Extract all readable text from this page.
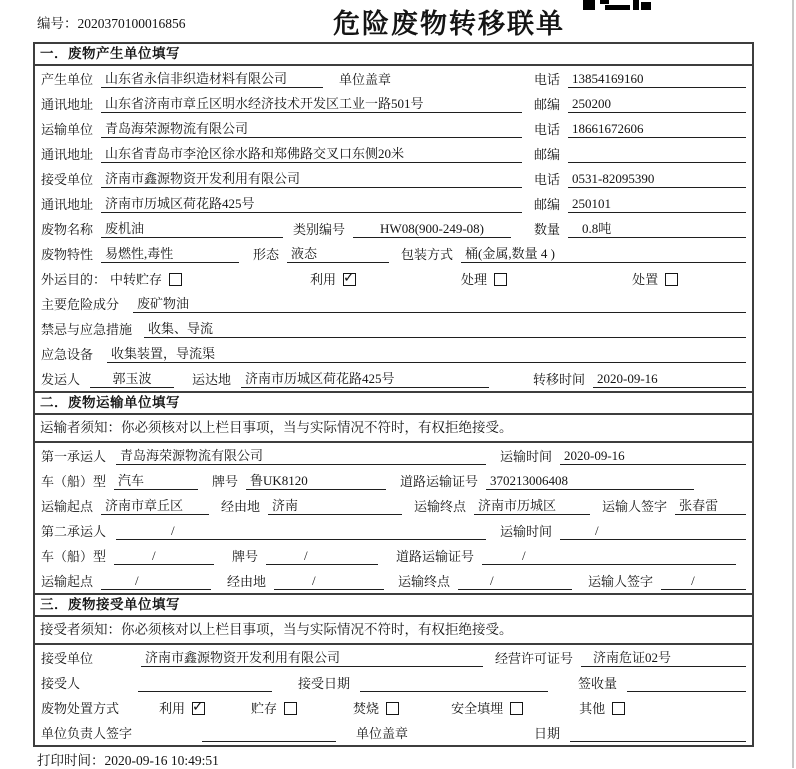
编号：2020370100016856	危险废物转移联单
一．废物产生单位填写
产生单位 山东省永信非织造材料有限公司	单位盖章	电话 13854169160
通讯地址 山东省济南市章丘区明水经济技术开发区工业一路501号	邮编 250200
运输单位 青岛海荣源物流有限公司	电话 18661672606
通讯地址 山东省青岛市李沧区徐水路和郑佛路交叉口东侧20米	邮编
接受单位 济南市鑫源物资开发利用有限公司	电话 0531-82095390
通讯地址 济南市历城区荷花路425号	邮编 250101
废物名称 废机油	类别编号	HW08(900-249-08)	数量	0.8吨
废物特性 易燃性,毒性	形态 液态	包装方式 桶(金属,数量 4 )
外运目的： 中转贮存	利用 ✓	处理	处置
主要危险成分	废矿物油
禁忌与应急措施	收集、导流
应急设备	收集装置，导流渠
发运人	郭玉波	运达地	济南市历城区荷花路425号	转移时间 2020-09-16
二．废物运输单位填写
运输者须知：你必须核对以上栏目事项，当与实际情况不符时，有权拒绝接受。
第一承运人	青岛海荣源物流有限公司	运输时间 2020-09-16
车（船）型 汽车	牌号 鲁UK8120	道路运输证号 370213006408
运输起点 济南市章丘区	经由地 济南	运输终点 济南市历城区	运输人签字 张春雷
第二承运人	/	运输时间	/
车（船）型	/	牌号	/	道路运输证号	/
运输起点	/	经由地	/	运输终点	/	运输人签字	/
三．废物接受单位填写
接受者须知：你必须核对以上栏目事项，当与实际情况不符时，有权拒绝接受。
接受单位	济南市鑫源物资开发利用有限公司	经营许可证号	济南危证02号
接受人	接受日期	签收量
废物处置方式	利用 ✓	贮存	焚烧	安全填埋	其他
单位负责人签字	单位盖章	日期
打印时间：2020-09-16 10:49:51
